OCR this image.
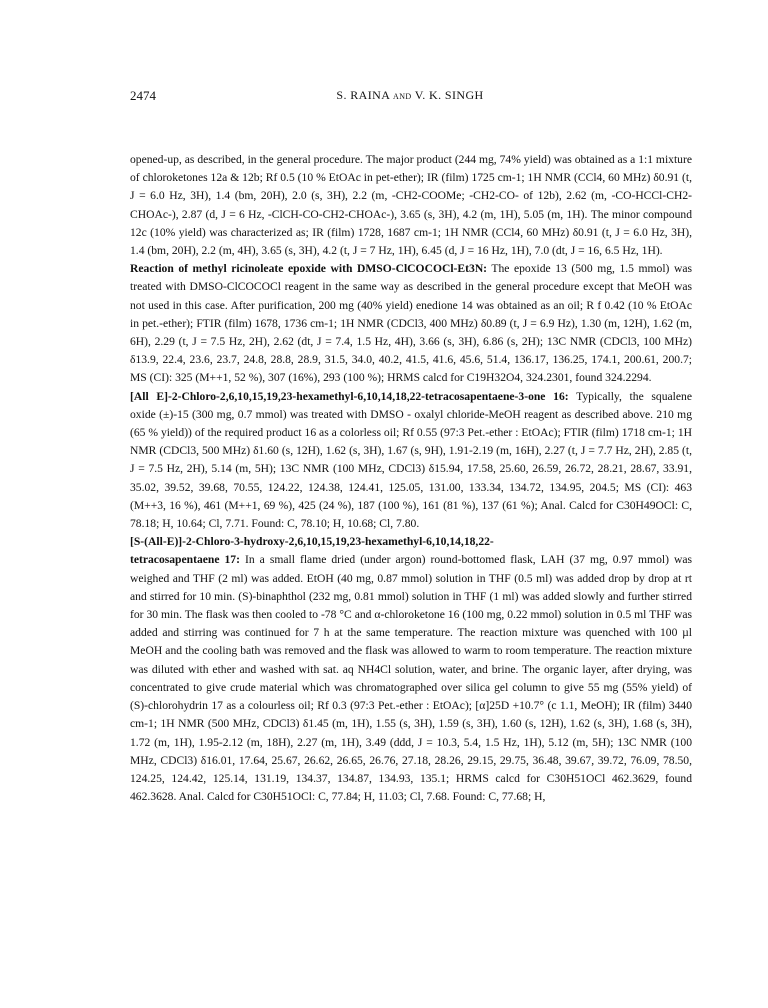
2474	S. RAINA and V. K. SINGH

opened-up, as described, in the general procedure. The major product (244 mg, 74% yield) was obtained as a 1:1 mixture of chloroketones 12a & 12b; Rf 0.5 (10 % EtOAc in pet-ether); IR (film) 1725 cm-1; 1H NMR (CCl4, 60 MHz) δ0.91 (t, J = 6.0 Hz, 3H), 1.4 (bm, 20H), 2.0 (s, 3H), 2.2 (m, -CH2-COOMe; -CH2-CO- of 12b), 2.62 (m, -CO-HCCl-CH2-CHOAc-), 2.87 (d, J = 6 Hz, -ClCH-CO-CH2-CHOAc-), 3.65 (s, 3H), 4.2 (m, 1H), 5.05 (m, 1H). The minor compound 12c (10% yield) was characterized as; IR (film) 1728, 1687 cm-1; 1H NMR (CCl4, 60 MHz) δ0.91 (t, J = 6.0 Hz, 3H), 1.4 (bm, 20H), 2.2 (m, 4H), 3.65 (s, 3H), 4.2 (t, J = 7 Hz, 1H), 6.45 (d, J = 16 Hz, 1H), 7.0 (dt, J = 16, 6.5 Hz, 1H).

Reaction of methyl ricinoleate epoxide with DMSO-ClCOCOCl-Et3N: The epoxide 13 (500 mg, 1.5 mmol) was treated with DMSO-ClCOCOCl reagent in the same way as described in the general procedure except that MeOH was not used in this case. After purification, 200 mg (40% yield) enedione 14 was obtained as an oil; R f 0.42 (10 % EtOAc in pet.-ether); FTIR (film) 1678, 1736 cm-1; 1H NMR (CDCl3, 400 MHz) δ0.89 (t, J = 6.9 Hz), 1.30 (m, 12H), 1.62 (m, 6H), 2.29 (t, J = 7.5 Hz, 2H), 2.62 (dt, J = 7.4, 1.5 Hz, 4H), 3.66 (s, 3H), 6.86 (s, 2H); 13C NMR (CDCl3, 100 MHz) δ13.9, 22.4, 23.6, 23.7, 24.8, 28.8, 28.9, 31.5, 34.0, 40.2, 41.5, 41.6, 45.6, 51.4, 136.17, 136.25, 174.1, 200.61, 200.7; MS (CI): 325 (M++1, 52 %), 307 (16%), 293 (100 %); HRMS calcd for C19H32O4, 324.2301, found 324.2294.

[All E]-2-Chloro-2,6,10,15,19,23-hexamethyl-6,10,14,18,22-tetracosapentaene-3-one 16: Typically, the squalene oxide (±)-15 (300 mg, 0.7 mmol) was treated with DMSO - oxalyl chloride-MeOH reagent as described above. 210 mg (65 % yield)) of the required product 16 as a colorless oil; Rf 0.55 (97:3 Pet.-ether : EtOAc); FTIR (film) 1718 cm-1; 1H NMR (CDCl3, 500 MHz) δ1.60 (s, 12H), 1.62 (s, 3H), 1.67 (s, 9H), 1.91-2.19 (m, 16H), 2.27 (t, J = 7.7 Hz, 2H), 2.85 (t, J = 7.5 Hz, 2H), 5.14 (m, 5H); 13C NMR (100 MHz, CDCl3) δ15.94, 17.58, 25.60, 26.59, 26.72, 28.21, 28.67, 33.91, 35.02, 39.52, 39.68, 70.55, 124.22, 124.38, 124.41, 125.05, 131.00, 133.34, 134.72, 134.95, 204.5; MS (CI): 463 (M++3, 16 %), 461 (M++1, 69 %), 425 (24 %), 187 (100 %), 161 (81 %), 137 (61 %); Anal. Calcd for C30H49OCl: C, 78.18; H, 10.64; Cl, 7.71. Found: C, 78.10; H, 10.68; Cl, 7.80.

[S-(All-E)]-2-Chloro-3-hydroxy-2,6,10,15,19,23-hexamethyl-6,10,14,18,22-

tetracosapentaene 17: In a small flame dried (under argon) round-bottomed flask, LAH (37 mg, 0.97 mmol) was weighed and THF (2 ml) was added. EtOH (40 mg, 0.87 mmol) solution in THF (0.5 ml) was added drop by drop at rt and stirred for 10 min. (S)-binaphthol (232 mg, 0.81 mmol) solution in THF (1 ml) was added slowly and further stirred for 30 min. The flask was then cooled to -78 °C and α-chloroketone 16 (100 mg, 0.22 mmol) solution in 0.5 ml THF was added and stirring was continued for 7 h at the same temperature. The reaction mixture was quenched with 100 µl MeOH and the cooling bath was removed and the flask was allowed to warm to room temperature. The reaction mixture was diluted with ether and washed with sat. aq NH4Cl solution, water, and brine. The organic layer, after drying, was concentrated to give crude material which was chromatographed over silica gel column to give 55 mg (55% yield) of (S)-chlorohydrin 17 as a colourless oil; Rf 0.3 (97:3 Pet.-ether : EtOAc); [α]25D +10.7° (c 1.1, MeOH); IR (film) 3440 cm-1; 1H NMR (500 MHz, CDCl3) δ1.45 (m, 1H), 1.55 (s, 3H), 1.59 (s, 3H), 1.60 (s, 12H), 1.62 (s, 3H), 1.68 (s, 3H), 1.72 (m, 1H), 1.95-2.12 (m, 18H), 2.27 (m, 1H), 3.49 (ddd, J = 10.3, 5.4, 1.5 Hz, 1H), 5.12 (m, 5H); 13C NMR (100 MHz, CDCl3) δ16.01, 17.64, 25.67, 26.62, 26.65, 26.76, 27.18, 28.26, 29.15, 29.75, 36.48, 39.67, 39.72, 76.09, 78.50, 124.25, 124.42, 125.14, 131.19, 134.37, 134.87, 134.93, 135.1; HRMS calcd for C30H51OCl 462.3629, found 462.3628. Anal. Calcd for C30H51OCl: C, 77.84; H, 11.03; Cl, 7.68. Found: C, 77.68; H,
